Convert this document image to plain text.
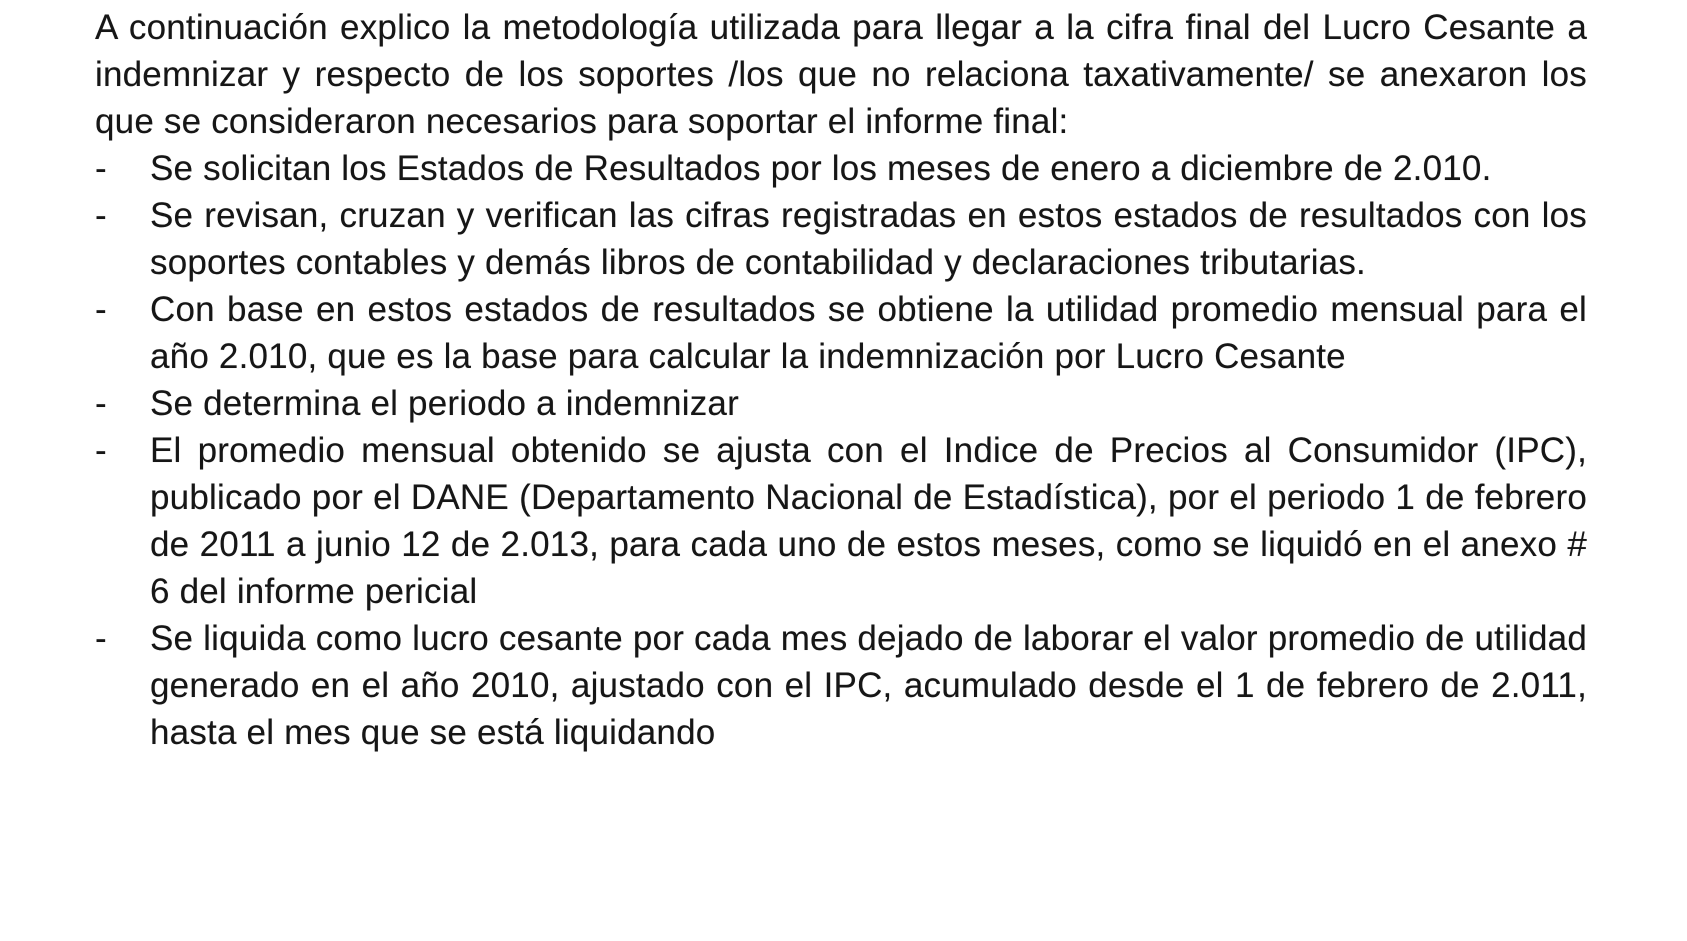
A continuación explico la metodología utilizada para llegar a la cifra final del Lucro Cesante a indemnizar y respecto de los soportes /los que no relaciona taxativamente/ se anexaron los que se consideraron necesarios para soportar el informe final:

-	Se solicitan los Estados de Resultados por los meses de enero a diciembre de 2.010.
-	Se revisan, cruzan y verifican las cifras registradas en estos estados de resultados con los soportes contables y demás libros de contabilidad y declaraciones tributarias.
-	Con base en estos estados de resultados se obtiene la utilidad promedio mensual para el año 2.010, que es la base para calcular la indemnización por Lucro Cesante
-	Se determina el periodo a indemnizar
-	El promedio mensual obtenido se ajusta con el Indice de Precios al Consumidor (IPC), publicado por el DANE (Departamento Nacional de Estadística), por el periodo 1 de febrero de 2011 a junio 12 de 2.013, para cada uno de estos meses, como se liquidó en el anexo # 6 del informe pericial
-	Se liquida como lucro cesante por cada mes dejado de laborar el valor promedio de utilidad generado en el año 2010, ajustado con el IPC, acumulado desde el 1 de febrero de 2.011, hasta el mes que se está liquidando
